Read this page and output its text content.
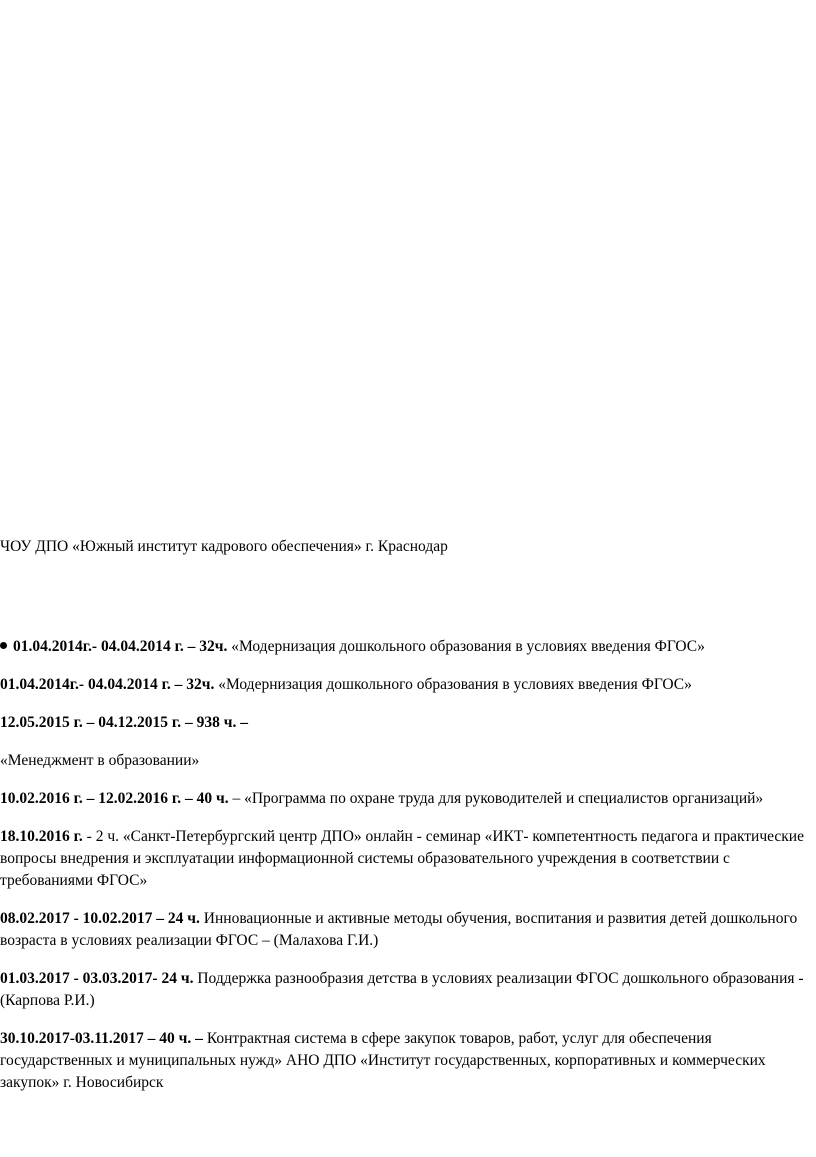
ЧОУ ДПО «Южный институт кадрового обеспечения» г. Краснодар

01.04.2014г.- 04.04.2014 г. – 32ч. «Модернизация дошкольного образования в условиях введения ФГОС»

01.04.2014г.- 04.04.2014 г. – 32ч. «Модернизация дошкольного образования в условиях введения ФГОС»

12.05.2015 г. – 04.12.2015 г. – 938 ч. –

«Менеджмент в образовании»

10.02.2016 г. – 12.02.2016 г. – 40 ч. – «Программа по охране труда для руководителей и специалистов организаций»

18.10.2016 г. - 2 ч. «Санкт-Петербургский центр ДПО» онлайн - семинар «ИКТ- компетентность педагога и практические вопросы внедрения и эксплуатации информационной системы образовательного учреждения в соответствии с требованиями ФГОС»

08.02.2017 - 10.02.2017 – 24 ч. Инновационные и активные методы обучения, воспитания и развития детей дошкольного возраста в условиях реализации ФГОС – (Малахова Г.И.)

01.03.2017 - 03.03.2017- 24 ч. Поддержка разнообразия детства в условиях реализации ФГОС дошкольного образования -(Карпова Р.И.)

30.10.2017-03.11.2017 – 40 ч. – Контрактная система в сфере закупок товаров, работ, услуг для обеспечения государственных и муниципальных нужд» АНО ДПО «Институт государственных, корпоративных и коммерческих закупок» г. Новосибирск
